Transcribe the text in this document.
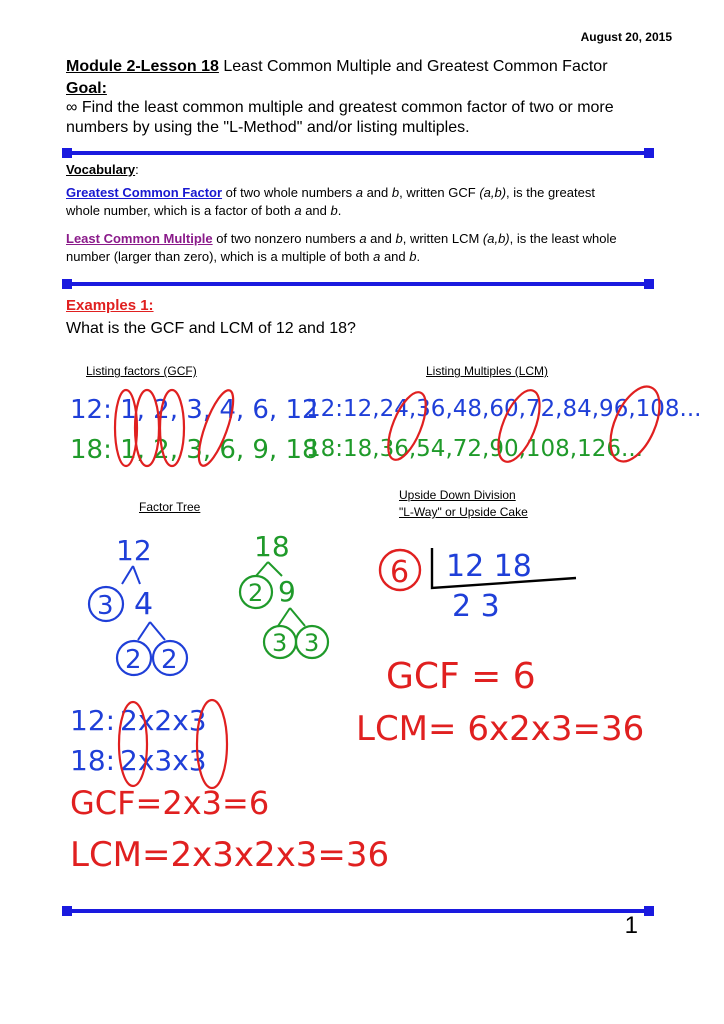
August 20, 2015
Module 2-Lesson 18 Least Common Multiple and Greatest Common Factor
Goal:
∞ Find the least common multiple and greatest common factor of two or more numbers by using the "L-Method" and/or listing multiples.
Vocabulary:
Greatest Common Factor of two whole numbers a and b, written GCF (a,b), is the greatest whole number, which is a factor of both a and b.
Least Common Multiple of two nonzero numbers a and b, written LCM (a,b), is the least whole number (larger than zero), which is a multiple of both a and b.
Examples 1:
What is the GCF and LCM of 12 and 18?
Listing factors (GCF)	Listing Multiples (LCM)
Factor Tree
Upside Down Division
"L-Way" or Upside Cake
12: 1, 2, 3, 4, 6, 12
18: 1, 2, 3, 6, 9, 18
12:12,24,36,48,60,72,84,96,108...
18:18,36,54,72,90,108,126...
12
3 4
2 2
18
2 9
3 3
6 12 18
2 3
GCF = 6
LCM= 6x2x3=36
12: 2x2x3
18: 2x3x3
GCF=2x3=6
LCM=2x3x2x3=36
1
